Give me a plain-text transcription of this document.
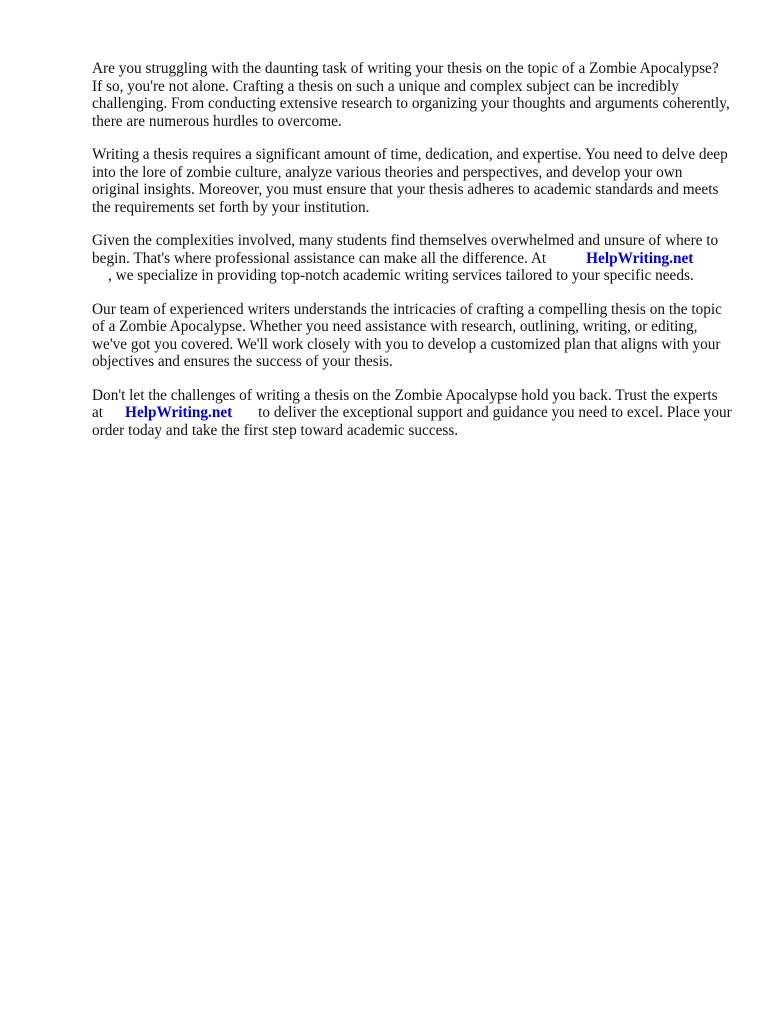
Are you struggling with the daunting task of writing your thesis on the topic of a Zombie Apocalypse? If so, you're not alone. Crafting a thesis on such a unique and complex subject can be incredibly challenging. From conducting extensive research to organizing your thoughts and arguments coherently, there are numerous hurdles to overcome.

Writing a thesis requires a significant amount of time, dedication, and expertise. You need to delve deep into the lore of zombie culture, analyze various theories and perspectives, and develop your own original insights. Moreover, you must ensure that your thesis adheres to academic standards and meets the requirements set forth by your institution.

Given the complexities involved, many students find themselves overwhelmed and unsure of where to begin. That's where professional assistance can make all the difference. At	HelpWriting.net
, we specialize in providing top-notch academic writing services tailored to your specific needs.

Our team of experienced writers understands the intricacies of crafting a compelling thesis on the topic of a Zombie Apocalypse. Whether you need assistance with research, outlining, writing, or editing, we've got you covered. We'll work closely with you to develop a customized plan that aligns with your objectives and ensures the success of your thesis.

Don't let the challenges of writing a thesis on the Zombie Apocalypse hold you back. Trust the experts at HelpWriting.net to deliver the exceptional support and guidance you need to excel. Place your order today and take the first step toward academic success.
